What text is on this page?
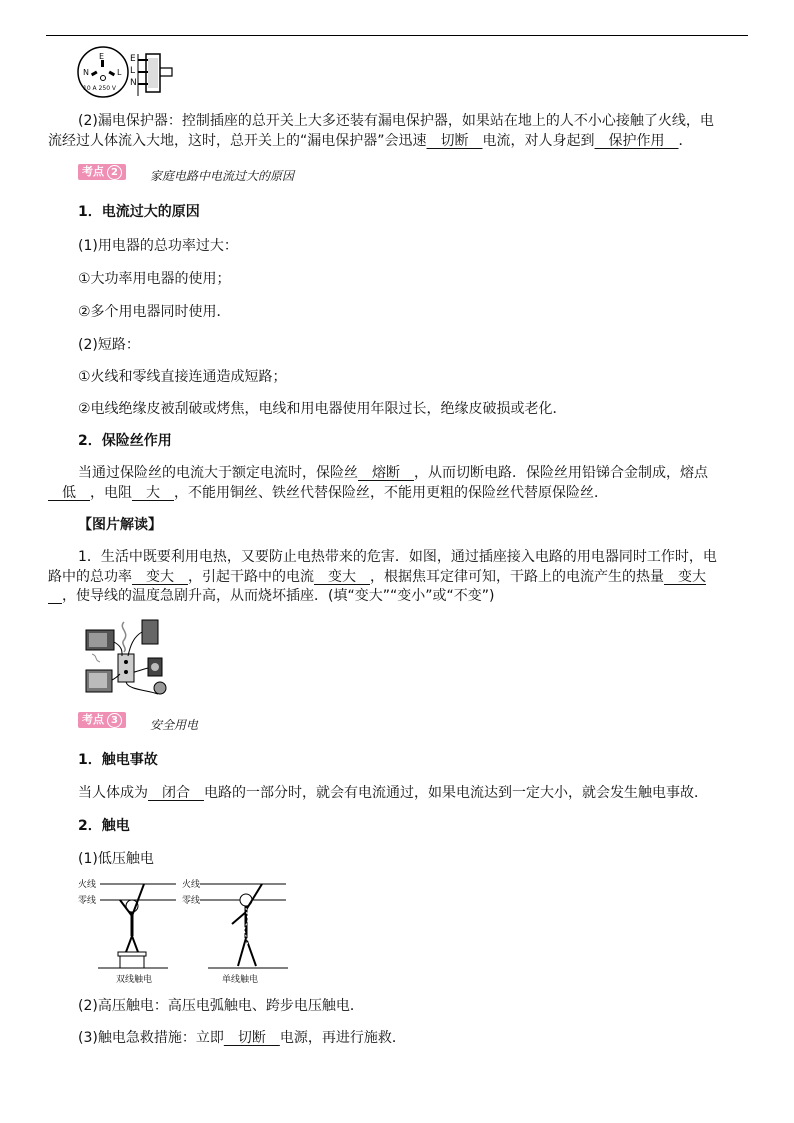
E
N	L
10 A 250 V
E
L
N
(2)漏电保护器：控制插座的总开关上大多还装有漏电保护器，如果站在地上的人不小心接触了火线，电
流经过人体流入大地，这时，总开关上的“漏电保护器”会迅速　切断　电流，对人身起到　保护作用　．
考点 2	家庭电路中电流过大的原因
1．电流过大的原因
(1)用电器的总功率过大：
①大功率用电器的使用；
②多个用电器同时使用．
(2)短路：
①火线和零线直接连通造成短路；
②电线绝缘皮被刮破或烤焦，电线和用电器使用年限过长，绝缘皮破损或老化．
2．保险丝作用
当通过保险丝的电流大于额定电流时，保险丝　熔断　，从而切断电路．保险丝用铅锑合金制成，熔点
　低　，电阻　大　，不能用铜丝、铁丝代替保险丝，不能用更粗的保险丝代替原保险丝．
【图片解读】
1．生活中既要利用电热，又要防止电热带来的危害．如图，通过插座接入电路的用电器同时工作时，电
路中的总功率　变大　，引起干路中的电流　变大　，根据焦耳定律可知，干路上的电流产生的热量　变大
　，使导线的温度急剧升高，从而烧坏插座．(填“变大”“变小”或“不变”)
考点 3	安全用电
1．触电事故
当人体成为　闭合　电路的一部分时，就会有电流通过，如果电流达到一定大小，就会发生触电事故．
2．触电
(1)低压触电
火线
零线
火线
零线
双线触电	单线触电
(2)高压触电：高压电弧触电、跨步电压触电．
(3)触电急救措施：立即　切断　电源，再进行施救．
